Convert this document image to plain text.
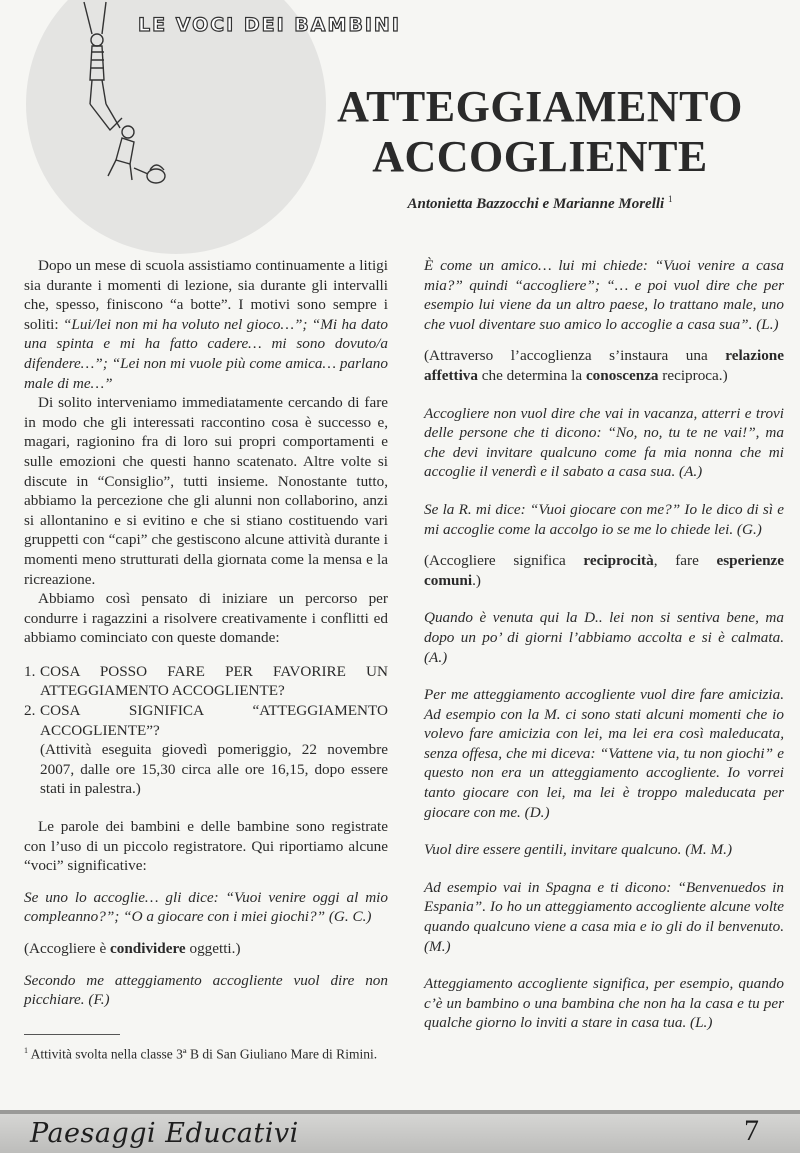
LE VOCI DEI BAMBINI
ATTEGGIAMENTO
ACCOGLIENTE
Antonietta Bazzocchi e Marianne Morelli $^1$

Dopo un mese di scuola assistiamo continuamente a litigi sia durante i momenti di lezione, sia durante gli intervalli che, spesso, finiscono “a botte”. I motivi sono sempre i soliti: “Lui/lei non mi ha voluto nel gioco…”; “Mi ha dato una spinta e mi ha fatto cadere… mi sono dovuto/a difendere…”; “Lei non mi vuole più come amica… parlano male di me…”

Di solito interveniamo immediatamente cercando di fare in modo che gli interessati raccontino cosa è successo e, magari, ragionino fra di loro sui propri comportamenti e sulle emozioni che questi hanno scatenato. Altre volte si discute in “Consiglio”, tutti insieme. Nonostante tutto, abbiamo la percezione che gli alunni non collaborino, anzi si allontanino e si evitino e che si stiano costituendo vari gruppetti con “capi” che gestiscono alcune attività durante i momenti meno strutturati della giornata come la mensa e la ricreazione.

Abbiamo così pensato di iniziare un percorso per condurre i ragazzini a risolvere creativamente i conflitti ed abbiamo cominciato con queste domande:

1. COSA POSSO FARE PER FAVORIRE UN ATTEGGIAMENTO ACCOGLIENTE?
2. COSA SIGNIFICA “ATTEGGIAMENTO ACCOGLIENTE”?

(Attività eseguita giovedì pomeriggio, 22 novembre 2007, dalle ore 15,30 circa alle ore 16,15, dopo essere stati in palestra.)

Le parole dei bambini e delle bambine sono registrate con l’uso di un piccolo registratore. Qui riportiamo alcune “voci” significative:

Se uno lo accoglie… gli dice: “Vuoi venire oggi al mio compleanno?”; “O a giocare con i miei giochi?” (G. C.)

(Accogliere è condividere oggetti.)

Secondo me atteggiamento accogliente vuol dire non picchiare. (F.)

È come un amico… lui mi chiede: “Vuoi venire a casa mia?” quindi “accogliere”; “… e poi vuol dire che per esempio lui viene da un altro paese, lo trattano male, uno che vuol diventare suo amico lo accoglie a casa sua”. (L.)

(Attraverso l’accoglienza s’instaura una relazione affettiva che determina la conoscenza reciproca.)

Accogliere non vuol dire che vai in vacanza, atterri e trovi delle persone che ti dicono: “No, no, tu te ne vai!”, ma che devi invitare qualcuno come fa mia nonna che mi accoglie il venerdì e il sabato a casa sua. (A.)

Se la R. mi dice: “Vuoi giocare con me?” Io le dico di sì e mi accoglie come la accolgo io se me lo chiede lei. (G.)

(Accogliere significa reciprocità, fare esperienze comuni.)

Quando è venuta qui la D.. lei non si sentiva bene, ma dopo un po’ di giorni l’abbiamo accolta e si è calmata. (A.)

Per me atteggiamento accogliente vuol dire fare amicizia. Ad esempio con la M. ci sono stati alcuni momenti che io volevo fare amicizia con lei, ma lei era così maleducata, senza offesa, che mi diceva: “Vattene via, tu non giochi” e questo non era un atteggiamento accogliente. Io vorrei tanto giocare con lei, ma lei è troppo maleducata per giocare con me. (D.)

Vuol dire essere gentili, invitare qualcuno. (M. M.)

Ad esempio vai in Spagna e ti dicono: “Benvenuedos in Espania”. Io ho un atteggiamento accogliente alcune volte quando qualcuno viene a casa mia e io gli do il benvenuto. (M.)

Atteggiamento accogliente significa, per esempio, quando c’è un bambino o una bambina che non ha la casa e tu per qualche giorno lo inviti a stare in casa tua. (L.)

$^1$ Attività svolta nella classe 3ª B di San Giuliano Mare di Rimini.
Paesaggi Educativi	7
